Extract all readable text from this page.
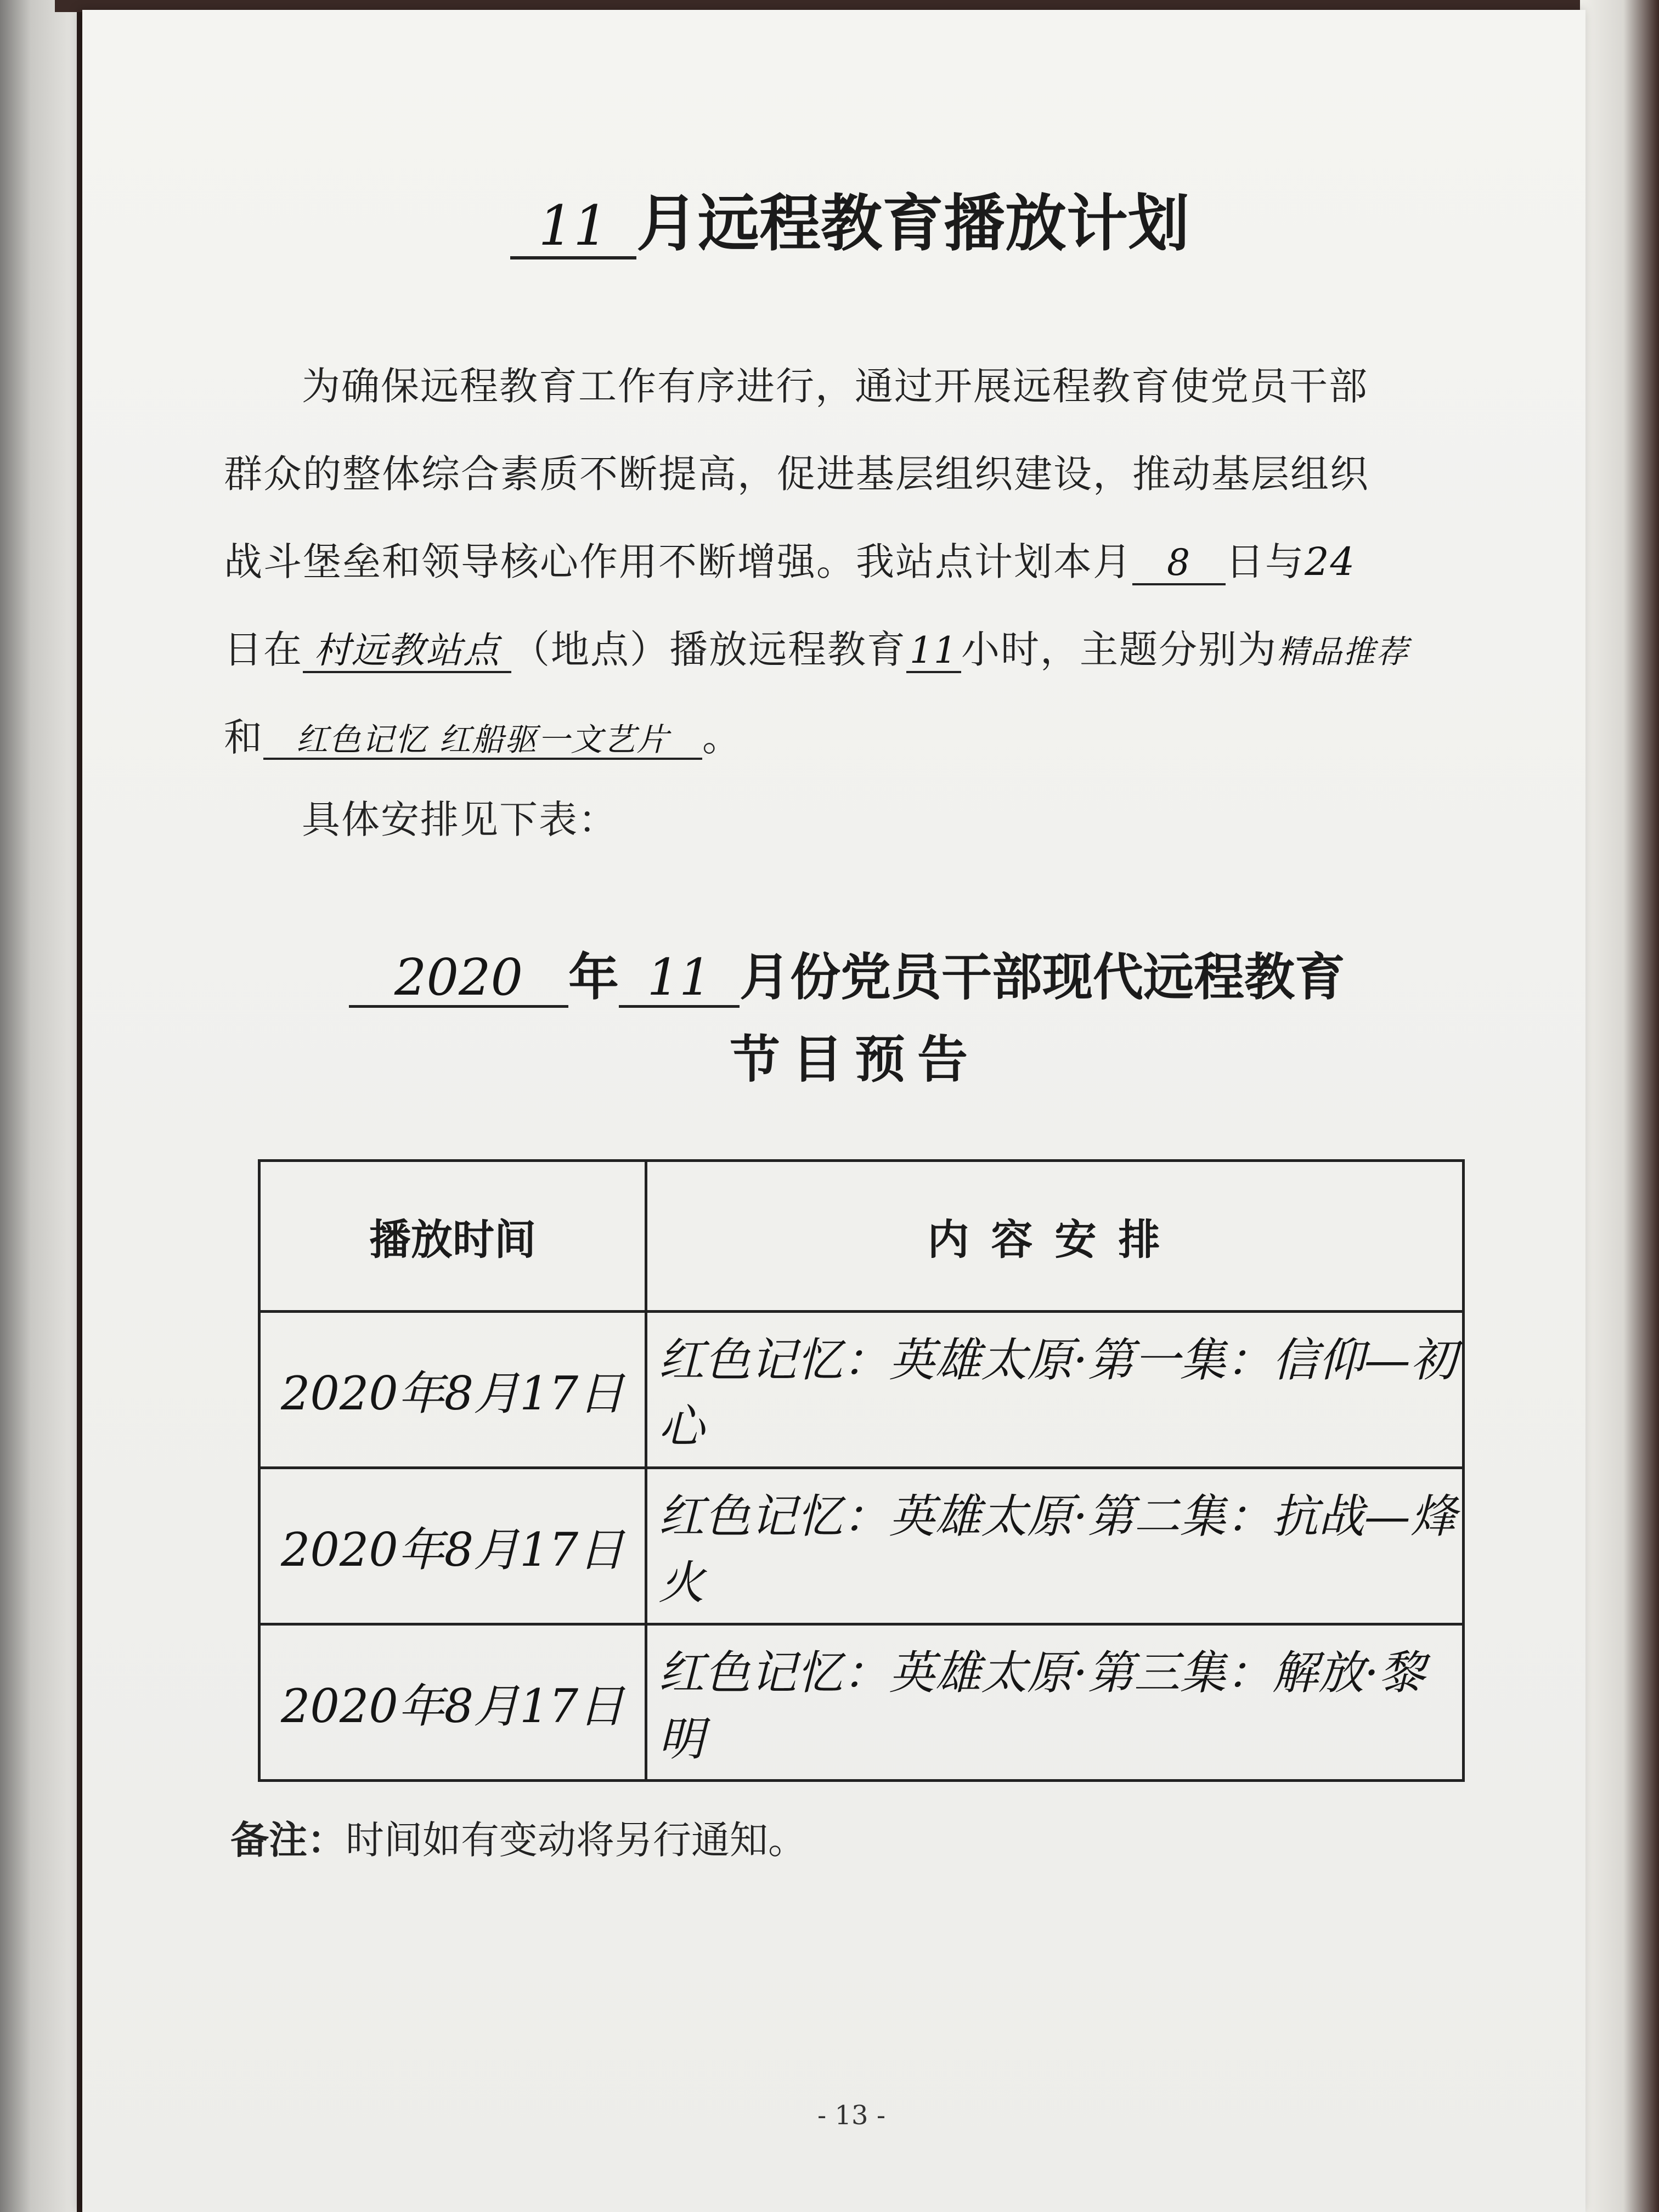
11 月远程教育播放计划
为确保远程教育工作有序进行，通过开展远程教育使党员干部
群众的整体综合素质不断提高，促进基层组织建设，推动基层组织
战斗堡垒和领导核心作用不断增强。我站点计划本月 8 日与24
日在 村远教站点 （地点）播放远程教育11小时，主题分别为精品推荐
和 红色记忆 红船驱一文艺片 。
具体安排见下表：
2020 年 11 月份党员干部现代远程教育
节目预告
播放时间	内容安排
2020年8月17日	红色记忆：英雄太原·第一集：信仰—初心
2020年8月17日	红色记忆：英雄太原·第二集：抗战—烽火
2020年8月17日	红色记忆：英雄太原·第三集：解放·黎明
备注：时间如有变动将另行通知。
- 13 -
